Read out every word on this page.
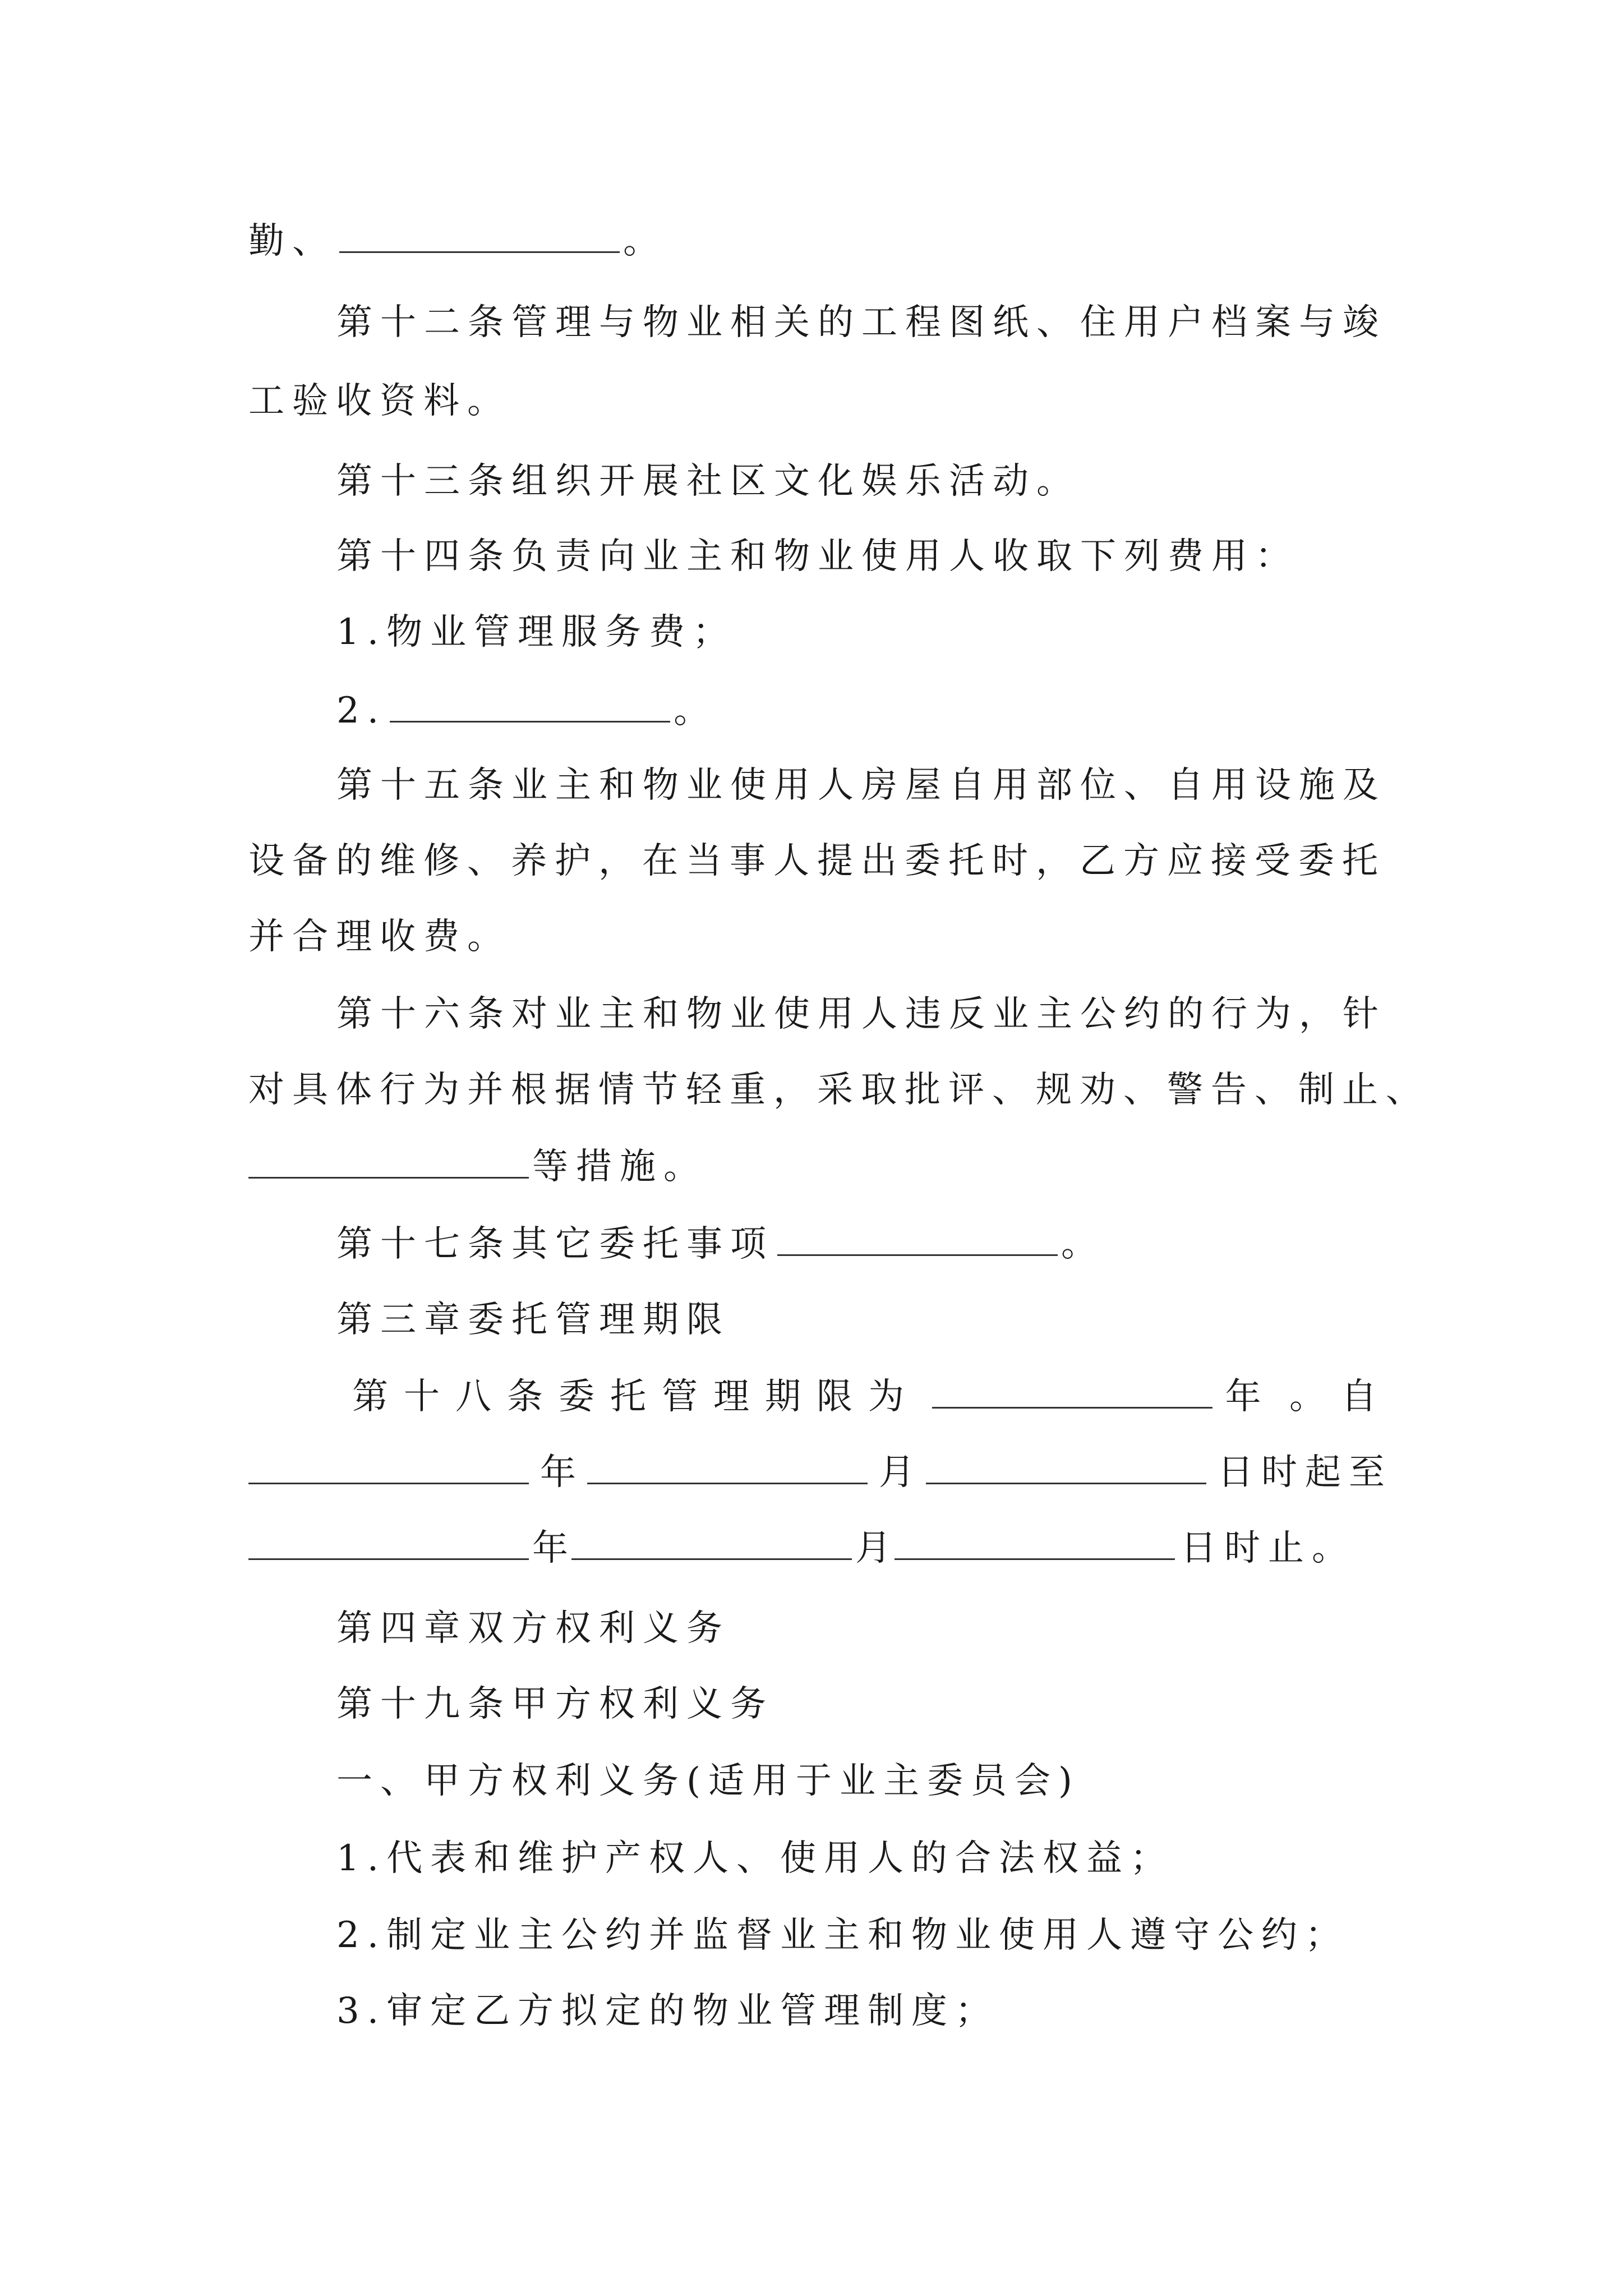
勤、	。
第十二条管理与物业相关的工程图纸、住用户档案与竣
工验收资料。
第十三条组织开展社区文化娱乐活动。
第十四条负责向业主和物业使用人收取下列费用：
1.物业管理服务费；
2.	。
第十五条业主和物业使用人房屋自用部位、自用设施及
设备的维修、养护，在当事人提出委托时，乙方应接受委托
并合理收费。
第十六条对业主和物业使用人违反业主公约的行为，针
对具体行为并根据情节轻重，采取批评、规劝、警告、制止、
等措施。
第十七条其它委托事项	。
第三章委托管理期限
第十八条委托管理期限为	年 。自
年	月	日时起至
年	月	日时止。
第四章双方权利义务
第十九条甲方权利义务
一、甲方权利义务(适用于业主委员会)
1.代表和维护产权人、使用人的合法权益；
2.制定业主公约并监督业主和物业使用人遵守公约；
3.审定乙方拟定的物业管理制度；
